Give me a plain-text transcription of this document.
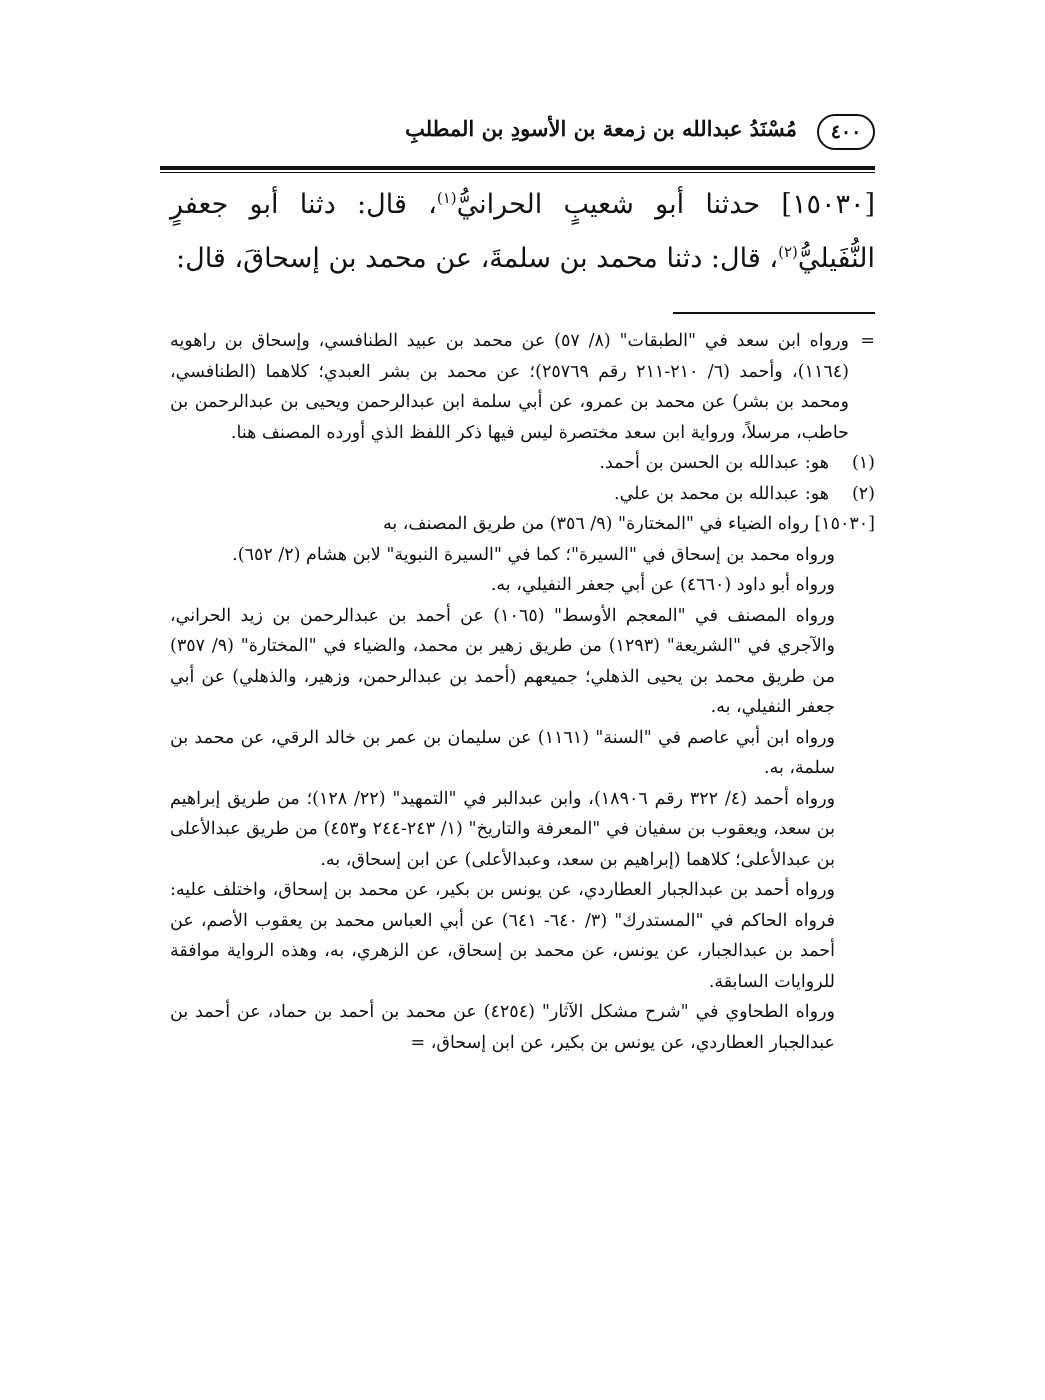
٤٠٠
مُسْنَدُ عبدالله بن زمعة بن الأسودِ بن المطلبِ
[١٥٠٣٠] حدثنا أبو شعيبٍ الحرانيُّ$^{(١)}$، قال: دثنا أبو جعفرٍ النُّفَيليُّ$^{(٢)}$، قال: دثنا محمد بن سلمةَ، عن محمد بن إسحاقَ، قال:
=
ورواه ابن سعد في "الطبقات" (٨/ ٥٧) عن محمد بن عبيد الطنافسي، وإسحاق بن راهويه (١١٦٤)، وأحمد (٦/ ٢١٠-٢١١ رقم ٢٥٧٦٩)؛ عن محمد بن بشر العبدي؛ كلاهما (الطنافسي، ومحمد بن بشر) عن محمد بن عمرو، عن أبي سلمة ابن عبدالرحمن ويحيى بن عبدالرحمن بن حاطب، مرسلاً، ورواية ابن سعد مختصرة ليس فيها ذكر اللفظ الذي أورده المصنف هنا.
(١)
هو: عبدالله بن الحسن بن أحمد.
(٢)
هو: عبدالله بن محمد بن علي.

[١٥٠٣٠] رواه الضياء في "المختارة" (٩/ ٣٥٦) من طريق المصنف، به

ورواه محمد بن إسحاق في "السيرة"؛ كما في "السيرة النبوية" لابن هشام (٢/ ٦٥٢).

ورواه أبو داود (٤٦٦٠) عن أبي جعفر النفيلي، به.

ورواه المصنف في "المعجم الأوسط" (١٠٦٥) عن أحمد بن عبدالرحمن بن زيد الحراني، والآجري في "الشريعة" (١٢٩٣) من طريق زهير بن محمد، والضياء في "المختارة" (٩/ ٣٥٧) من طريق محمد بن يحيى الذهلي؛ جميعهم (أحمد بن عبدالرحمن، وزهير، والذهلي) عن أبي جعفر النفيلي، به.

ورواه ابن أبي عاصم في "السنة" (١١٦١) عن سليمان بن عمر بن خالد الرقي، عن محمد بن سلمة، به.

ورواه أحمد (٤/ ٣٢٢ رقم ١٨٩٠٦)، وابن عبدالبر في "التمهيد" (٢٢/ ١٢٨)؛ من طريق إبراهيم بن سعد، ويعقوب بن سفيان في "المعرفة والتاريخ" (١/ ٢٤٣-٢٤٤ و٤٥٣) من طريق عبدالأعلى بن عبدالأعلى؛ كلاهما (إبراهيم بن سعد، وعبدالأعلى) عن ابن إسحاق، به.

ورواه أحمد بن عبدالجبار العطاردي، عن يونس بن بكير، عن محمد بن إسحاق، واختلف عليه: فرواه الحاكم في "المستدرك" (٣/ ٦٤٠- ٦٤١) عن أبي العباس محمد بن يعقوب الأصم، عن أحمد بن عبدالجبار، عن يونس، عن محمد بن إسحاق، عن الزهري، به، وهذه الرواية موافقة للروايات السابقة.

ورواه الطحاوي في "شرح مشكل الآثار" (٤٢٥٤) عن محمد بن أحمد بن حماد، عن أحمد بن عبدالجبار العطاردي، عن يونس بن بكير، عن ابن إسحاق، =
